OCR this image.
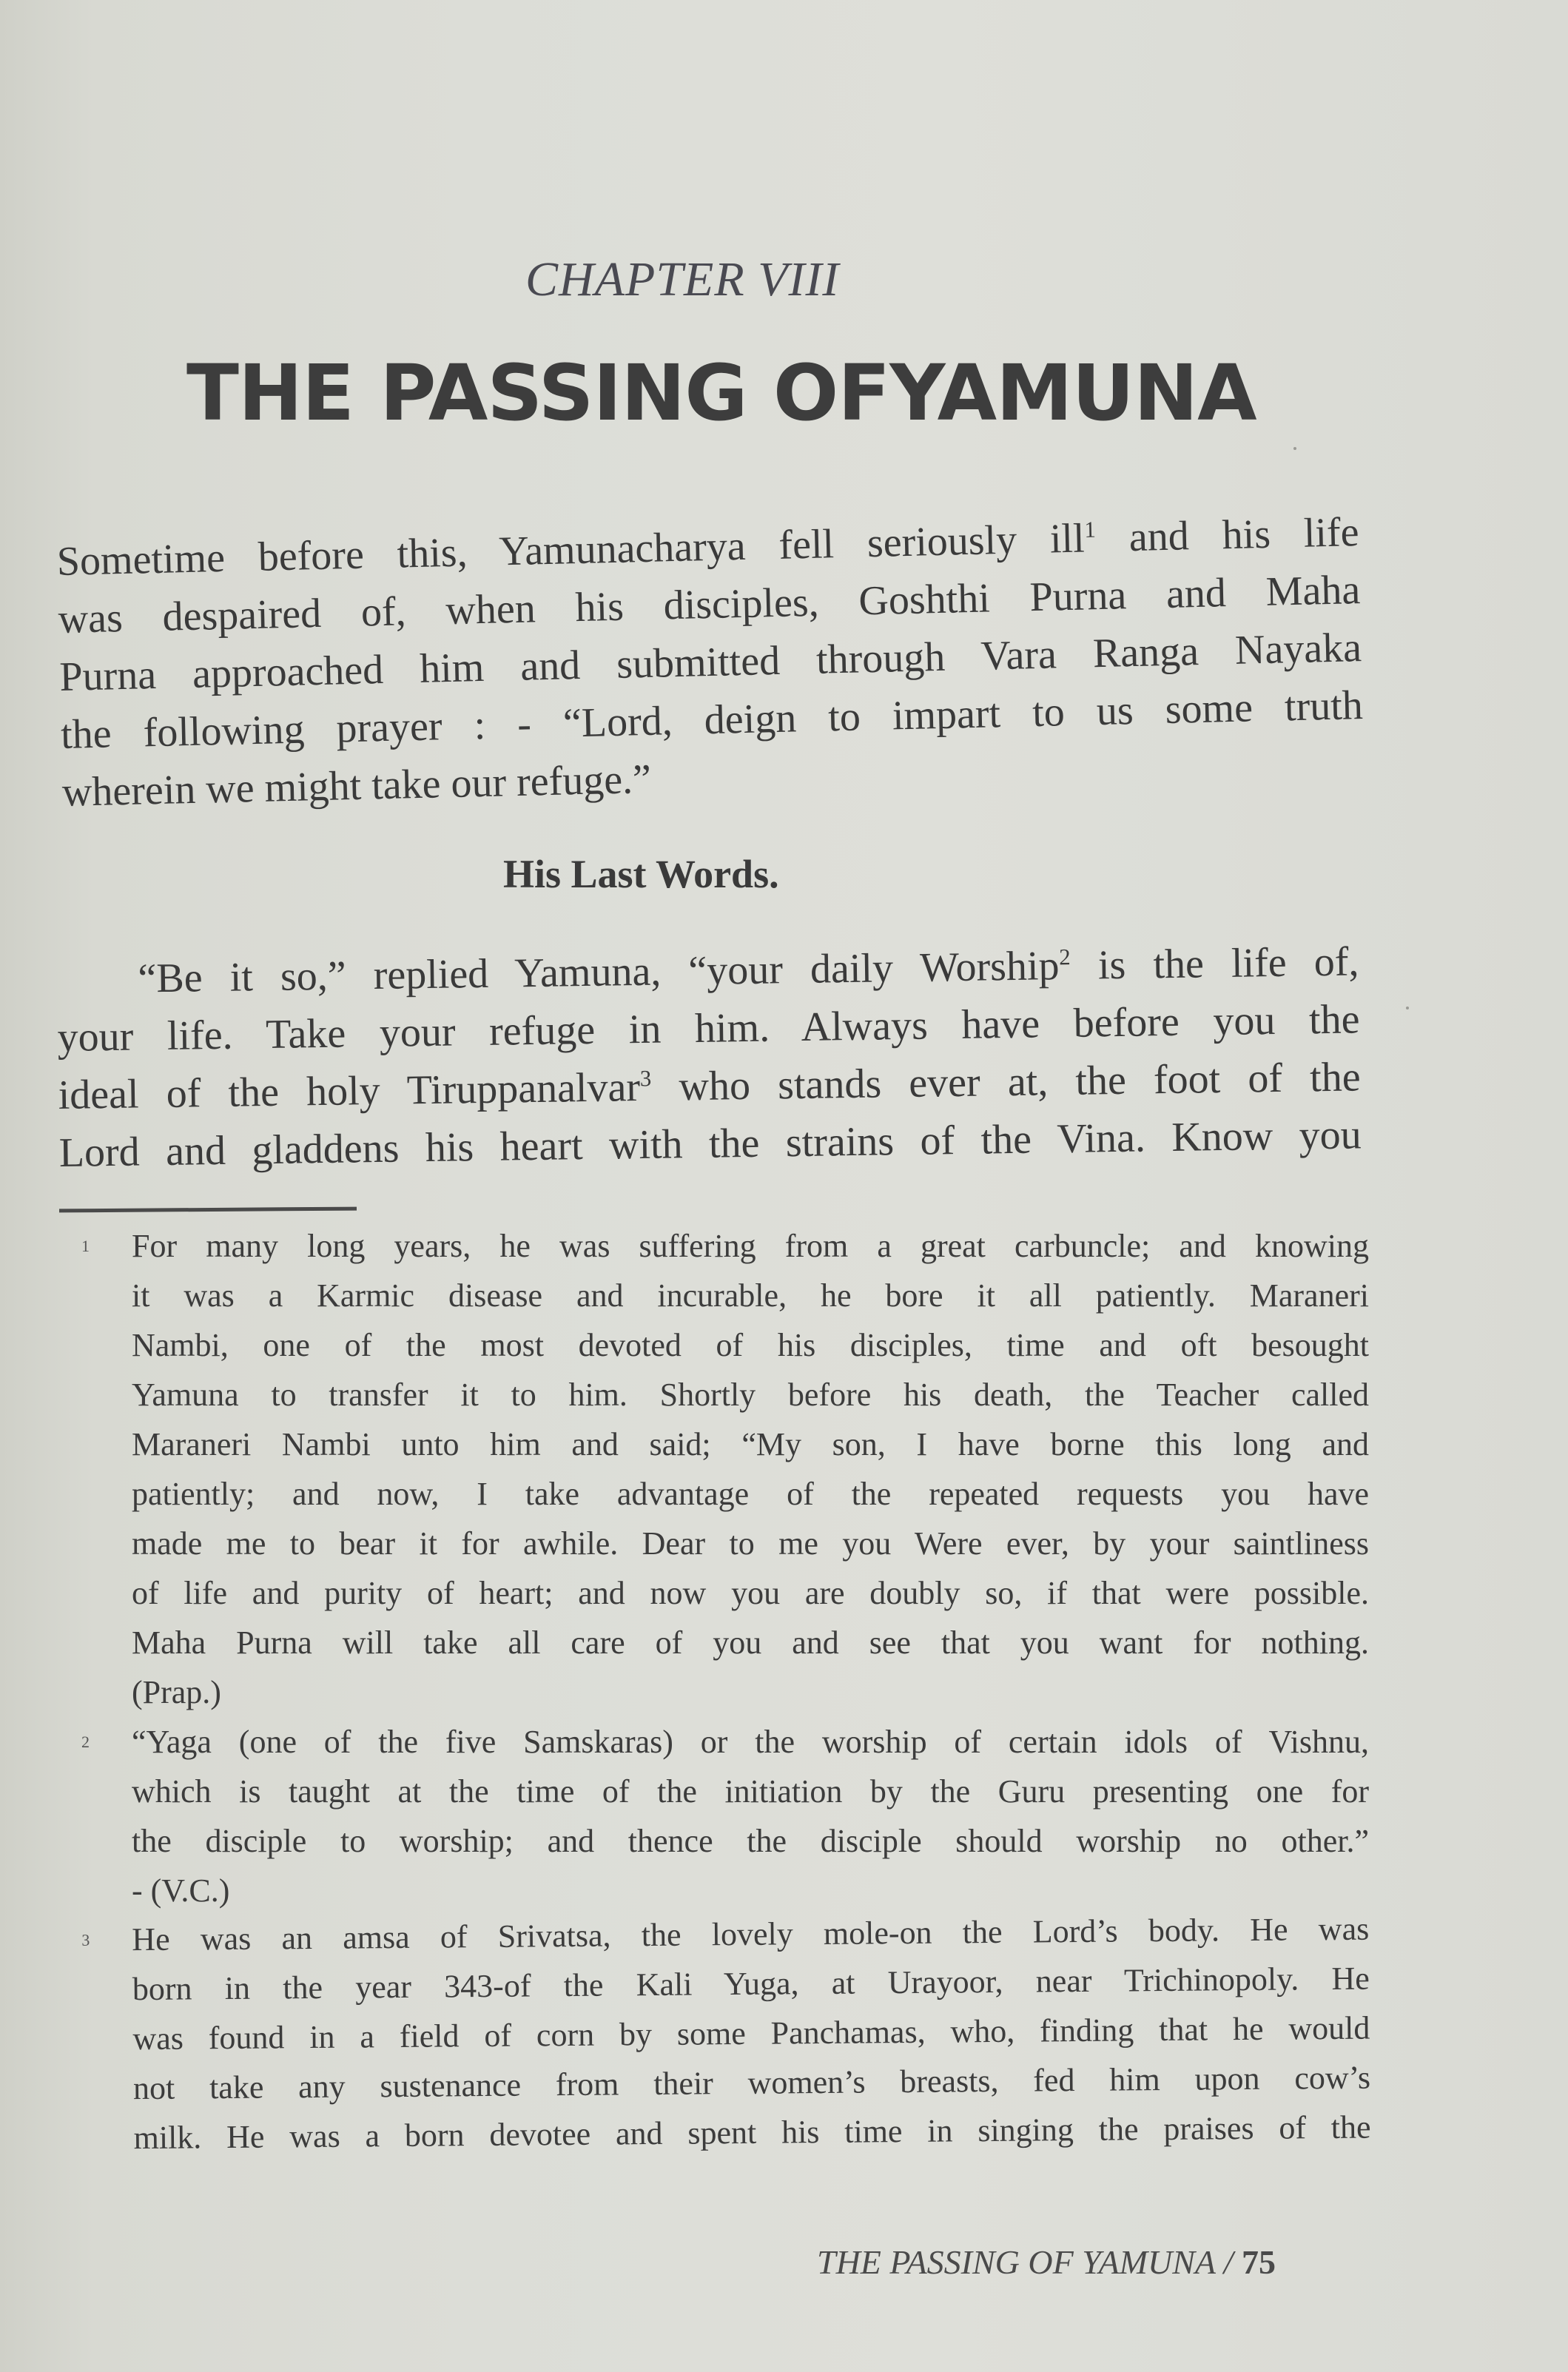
CHAPTER VIII
THE PASSING OFYAMUNA
Sometime before this, Yamunacharya fell seriously ill$^1$ and his life
was despaired of, when his disciples, Goshthi Purna and Maha
Purna approached him and submitted through Vara Ranga Nayaka
the following prayer : - “Lord, deign to impart to us some truth
wherein we might take our refuge.”
His Last Words.
“Be it so,” replied Yamuna, “your daily Worship$^2$ is the life of,
your life. Take your refuge in him. Always have before you the
ideal of the holy Tiruppanalvar$^3$ who stands ever at, the foot of the
Lord and gladdens his heart with the strains of the Vina. Know you
1 For many long years, he was suffering from a great carbuncle; and knowing
it was a Karmic disease and incurable, he bore it all patiently. Maraneri
Nambi, one of the most devoted of his disciples, time and oft besought
Yamuna to transfer it to him. Shortly before his death, the Teacher called
Maraneri Nambi unto him and said; “My son, I have borne this long and
patiently; and now, I take advantage of the repeated requests you have
made me to bear it for awhile. Dear to me you Were ever, by your saintliness
of life and purity of heart; and now you are doubly so, if that were possible.
Maha Purna will take all care of you and see that you want for nothing.
(Prap.)
2 “Yaga (one of the five Samskaras) or the worship of certain idols of Vishnu,
which is taught at the time of the initiation by the Guru presenting one for
the disciple to worship; and thence the disciple should worship no other.”
- (V.C.)
3 He was an amsa of Srivatsa, the lovely mole-on the Lord’s body. He was
born in the year 343-of the Kali Yuga, at Urayoor, near Trichinopoly. He
was found in a field of corn by some Panchamas, who, finding that he would
not take any sustenance from their women’s breasts, fed him upon cow’s
milk. He was a born devotee and spent his time in singing the praises of the
THE PASSING OF YAMUNA / 75
